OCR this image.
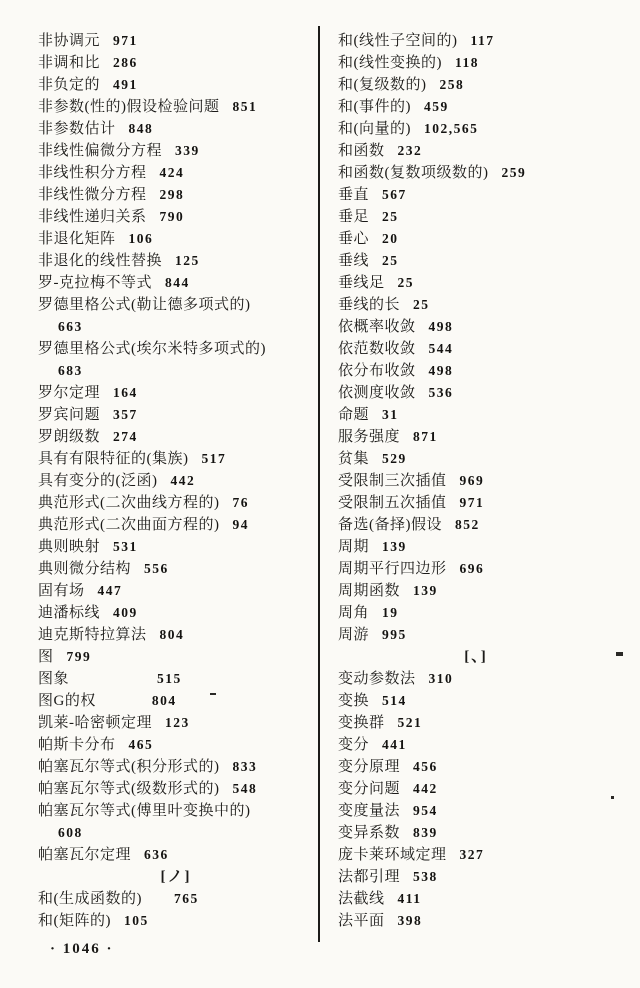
非协调元 971
非调和比 286
非负定的 491
非参数(性的)假设检验问题 851
非参数估计 848
非线性偏微分方程 339
非线性积分方程 424
非线性微分方程 298
非线性递归关系 790
非退化矩阵 106
非退化的线性替换 125
罗-克拉梅不等式 844
罗德里格公式(勒让德多项式的)
663
罗德里格公式(埃尔米特多项式的)
683
罗尔定理 164
罗宾问题 357
罗朗级数 274
具有有限特征的(集族) 517
具有变分的(泛函) 442
典范形式(二次曲线方程的) 76
典范形式(二次曲面方程的) 94
典则映射 531
典则微分结构 556
固有场 447
迪潘标线 409
迪克斯特拉算法 804
图 799
图象	515
图G的权	804
凯莱-哈密顿定理 123
帕斯卡分布 465
帕塞瓦尔等式(积分形式的) 833
帕塞瓦尔等式(级数形式的) 548
帕塞瓦尔等式(傅里叶变换中的)
608
帕塞瓦尔定理 636
[ノ]
和(生成函数的) 765
和(矩阵的) 105
和(线性子空间的) 117
和(线性变换的) 118
和(复级数的) 258
和(事件的) 459
和(向量的) 102,565
和函数 232
和函数(复数项级数的) 259
垂直 567
垂足 25
垂心 20
垂线 25
垂线足 25
垂线的长 25
依概率收敛 498
依范数收敛 544
依分布收敛 498
依测度收敛 536
命题 31
服务强度 871
贫集 529
受限制三次插值 969
受限制五次插值 971
备选(备择)假设 852
周期 139
周期平行四边形 696
周期函数 139
周角 19
周游 995
[、]
变动参数法 310
变换 514
变换群 521
变分 441
变分原理 456
变分问题 442
变度量法 954
变异系数 839
庞卡莱环域定理 327
法都引理 538
法截线 411
法平面 398
· 1046 ·
